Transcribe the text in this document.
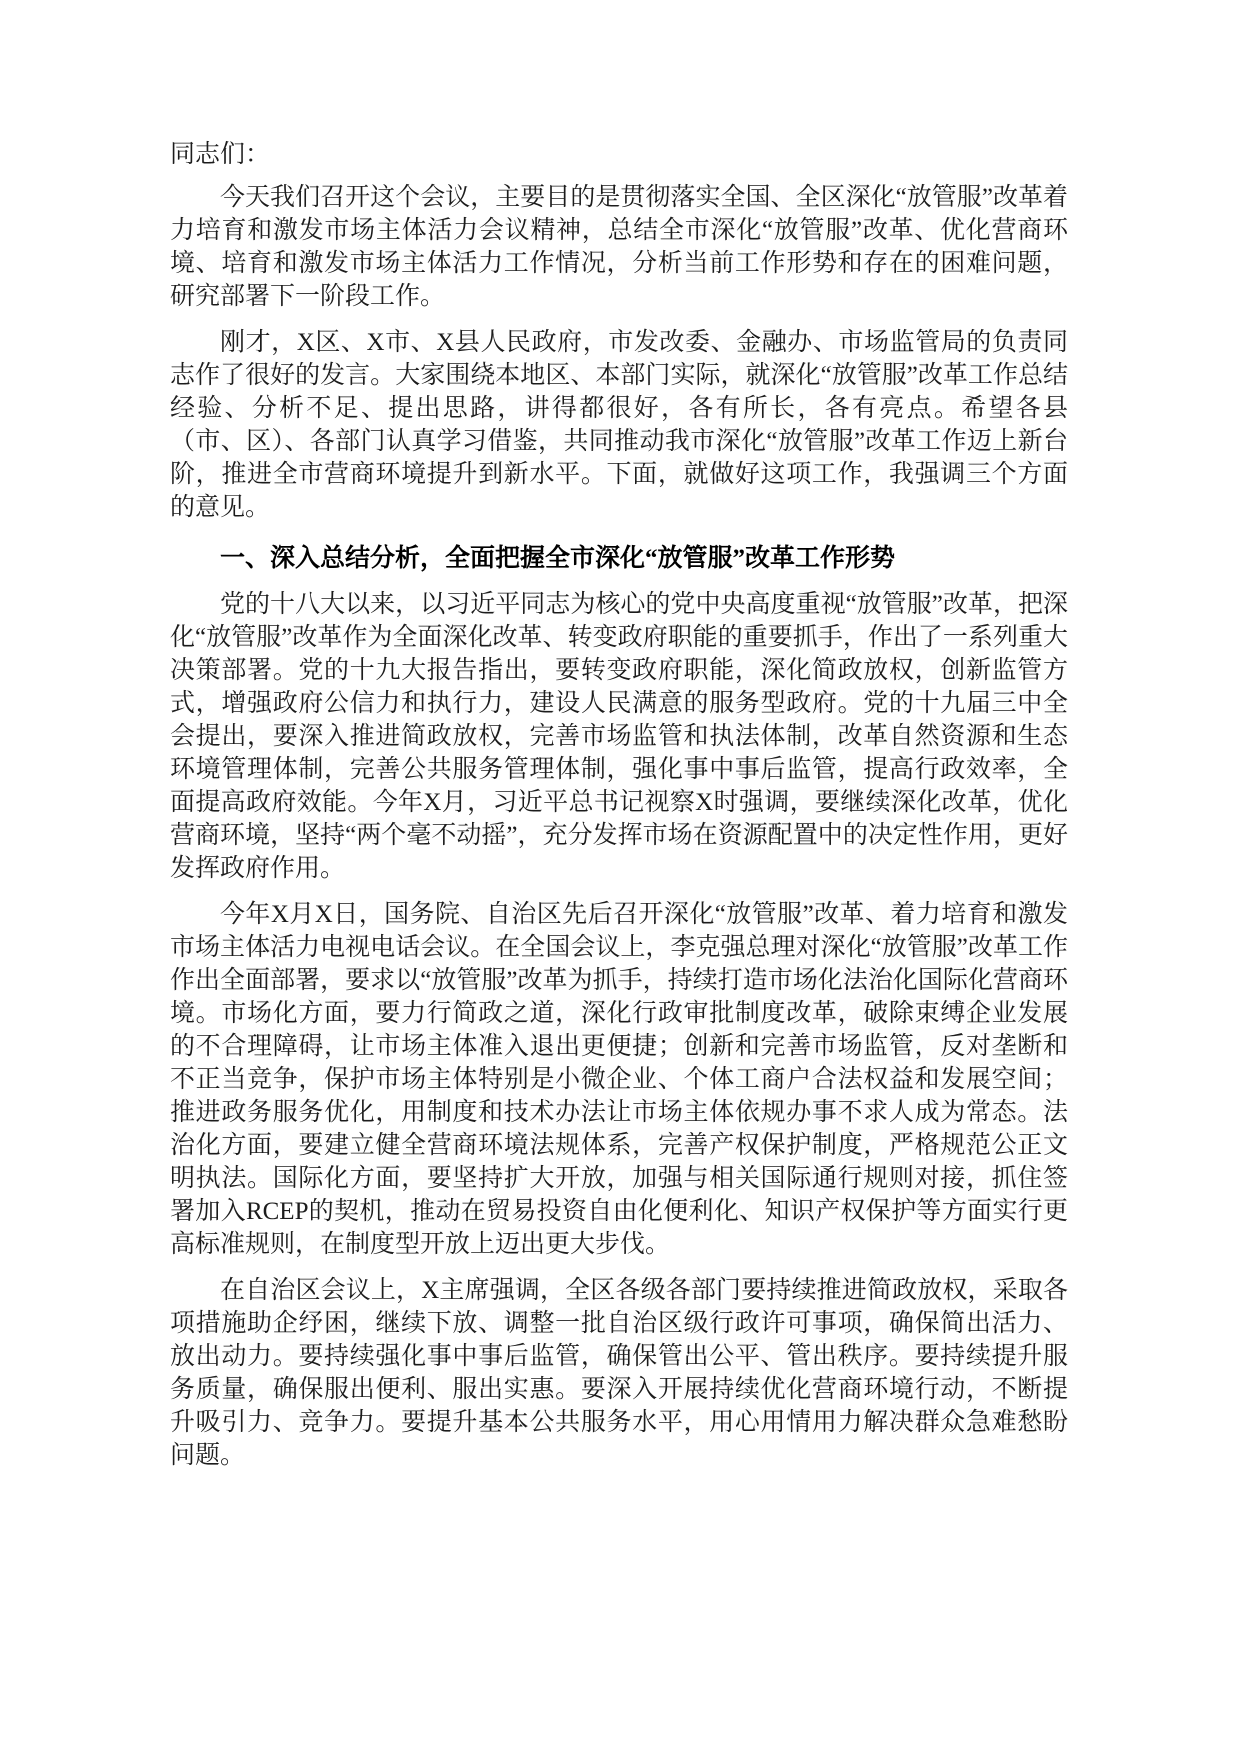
同志们：

今天我们召开这个会议，主要目的是贯彻落实全国、全区深化“放管服”改革着力培育和激发市场主体活力会议精神，总结全市深化“放管服”改革、优化营商环境、培育和激发市场主体活力工作情况，分析当前工作形势和存在的困难问题，研究部署下一阶段工作。

刚才，X区、X市、X县人民政府，市发改委、金融办、市场监管局的负责同志作了很好的发言。大家围绕本地区、本部门实际，就深化“放管服”改革工作总结经验、分析不足、提出思路，讲得都很好，各有所长，各有亮点。希望各县（市、区）、各部门认真学习借鉴，共同推动我市深化“放管服”改革工作迈上新台阶，推进全市营商环境提升到新水平。下面，就做好这项工作，我强调三个方面的意见。

一、深入总结分析，全面把握全市深化“放管服”改革工作形势

党的十八大以来，以习近平同志为核心的党中央高度重视“放管服”改革，把深化“放管服”改革作为全面深化改革、转变政府职能的重要抓手，作出了一系列重大决策部署。党的十九大报告指出，要转变政府职能，深化简政放权，创新监管方式，增强政府公信力和执行力，建设人民满意的服务型政府。党的十九届三中全会提出，要深入推进简政放权，完善市场监管和执法体制，改革自然资源和生态环境管理体制，完善公共服务管理体制，强化事中事后监管，提高行政效率，全面提高政府效能。今年X月，习近平总书记视察X时强调，要继续深化改革，优化营商环境，坚持“两个毫不动摇”，充分发挥市场在资源配置中的决定性作用，更好发挥政府作用。

今年X月X日，国务院、自治区先后召开深化“放管服”改革、着力培育和激发市场主体活力电视电话会议。在全国会议上，李克强总理对深化“放管服”改革工作作出全面部署，要求以“放管服”改革为抓手，持续打造市场化法治化国际化营商环境。市场化方面，要力行简政之道，深化行政审批制度改革，破除束缚企业发展的不合理障碍，让市场主体准入退出更便捷；创新和完善市场监管，反对垄断和不正当竞争，保护市场主体特别是小微企业、个体工商户合法权益和发展空间；推进政务服务优化，用制度和技术办法让市场主体依规办事不求人成为常态。法治化方面，要建立健全营商环境法规体系，完善产权保护制度，严格规范公正文明执法。国际化方面，要坚持扩大开放，加强与相关国际通行规则对接，抓住签署加入RCEP的契机，推动在贸易投资自由化便利化、知识产权保护等方面实行更高标准规则，在制度型开放上迈出更大步伐。

在自治区会议上，X主席强调，全区各级各部门要持续推进简政放权，采取各项措施助企纾困，继续下放、调整一批自治区级行政许可事项，确保简出活力、放出动力。要持续强化事中事后监管，确保管出公平、管出秩序。要持续提升服务质量，确保服出便利、服出实惠。要深入开展持续优化营商环境行动，不断提升吸引力、竞争力。要提升基本公共服务水平，用心用情用力解决群众急难愁盼问题。
